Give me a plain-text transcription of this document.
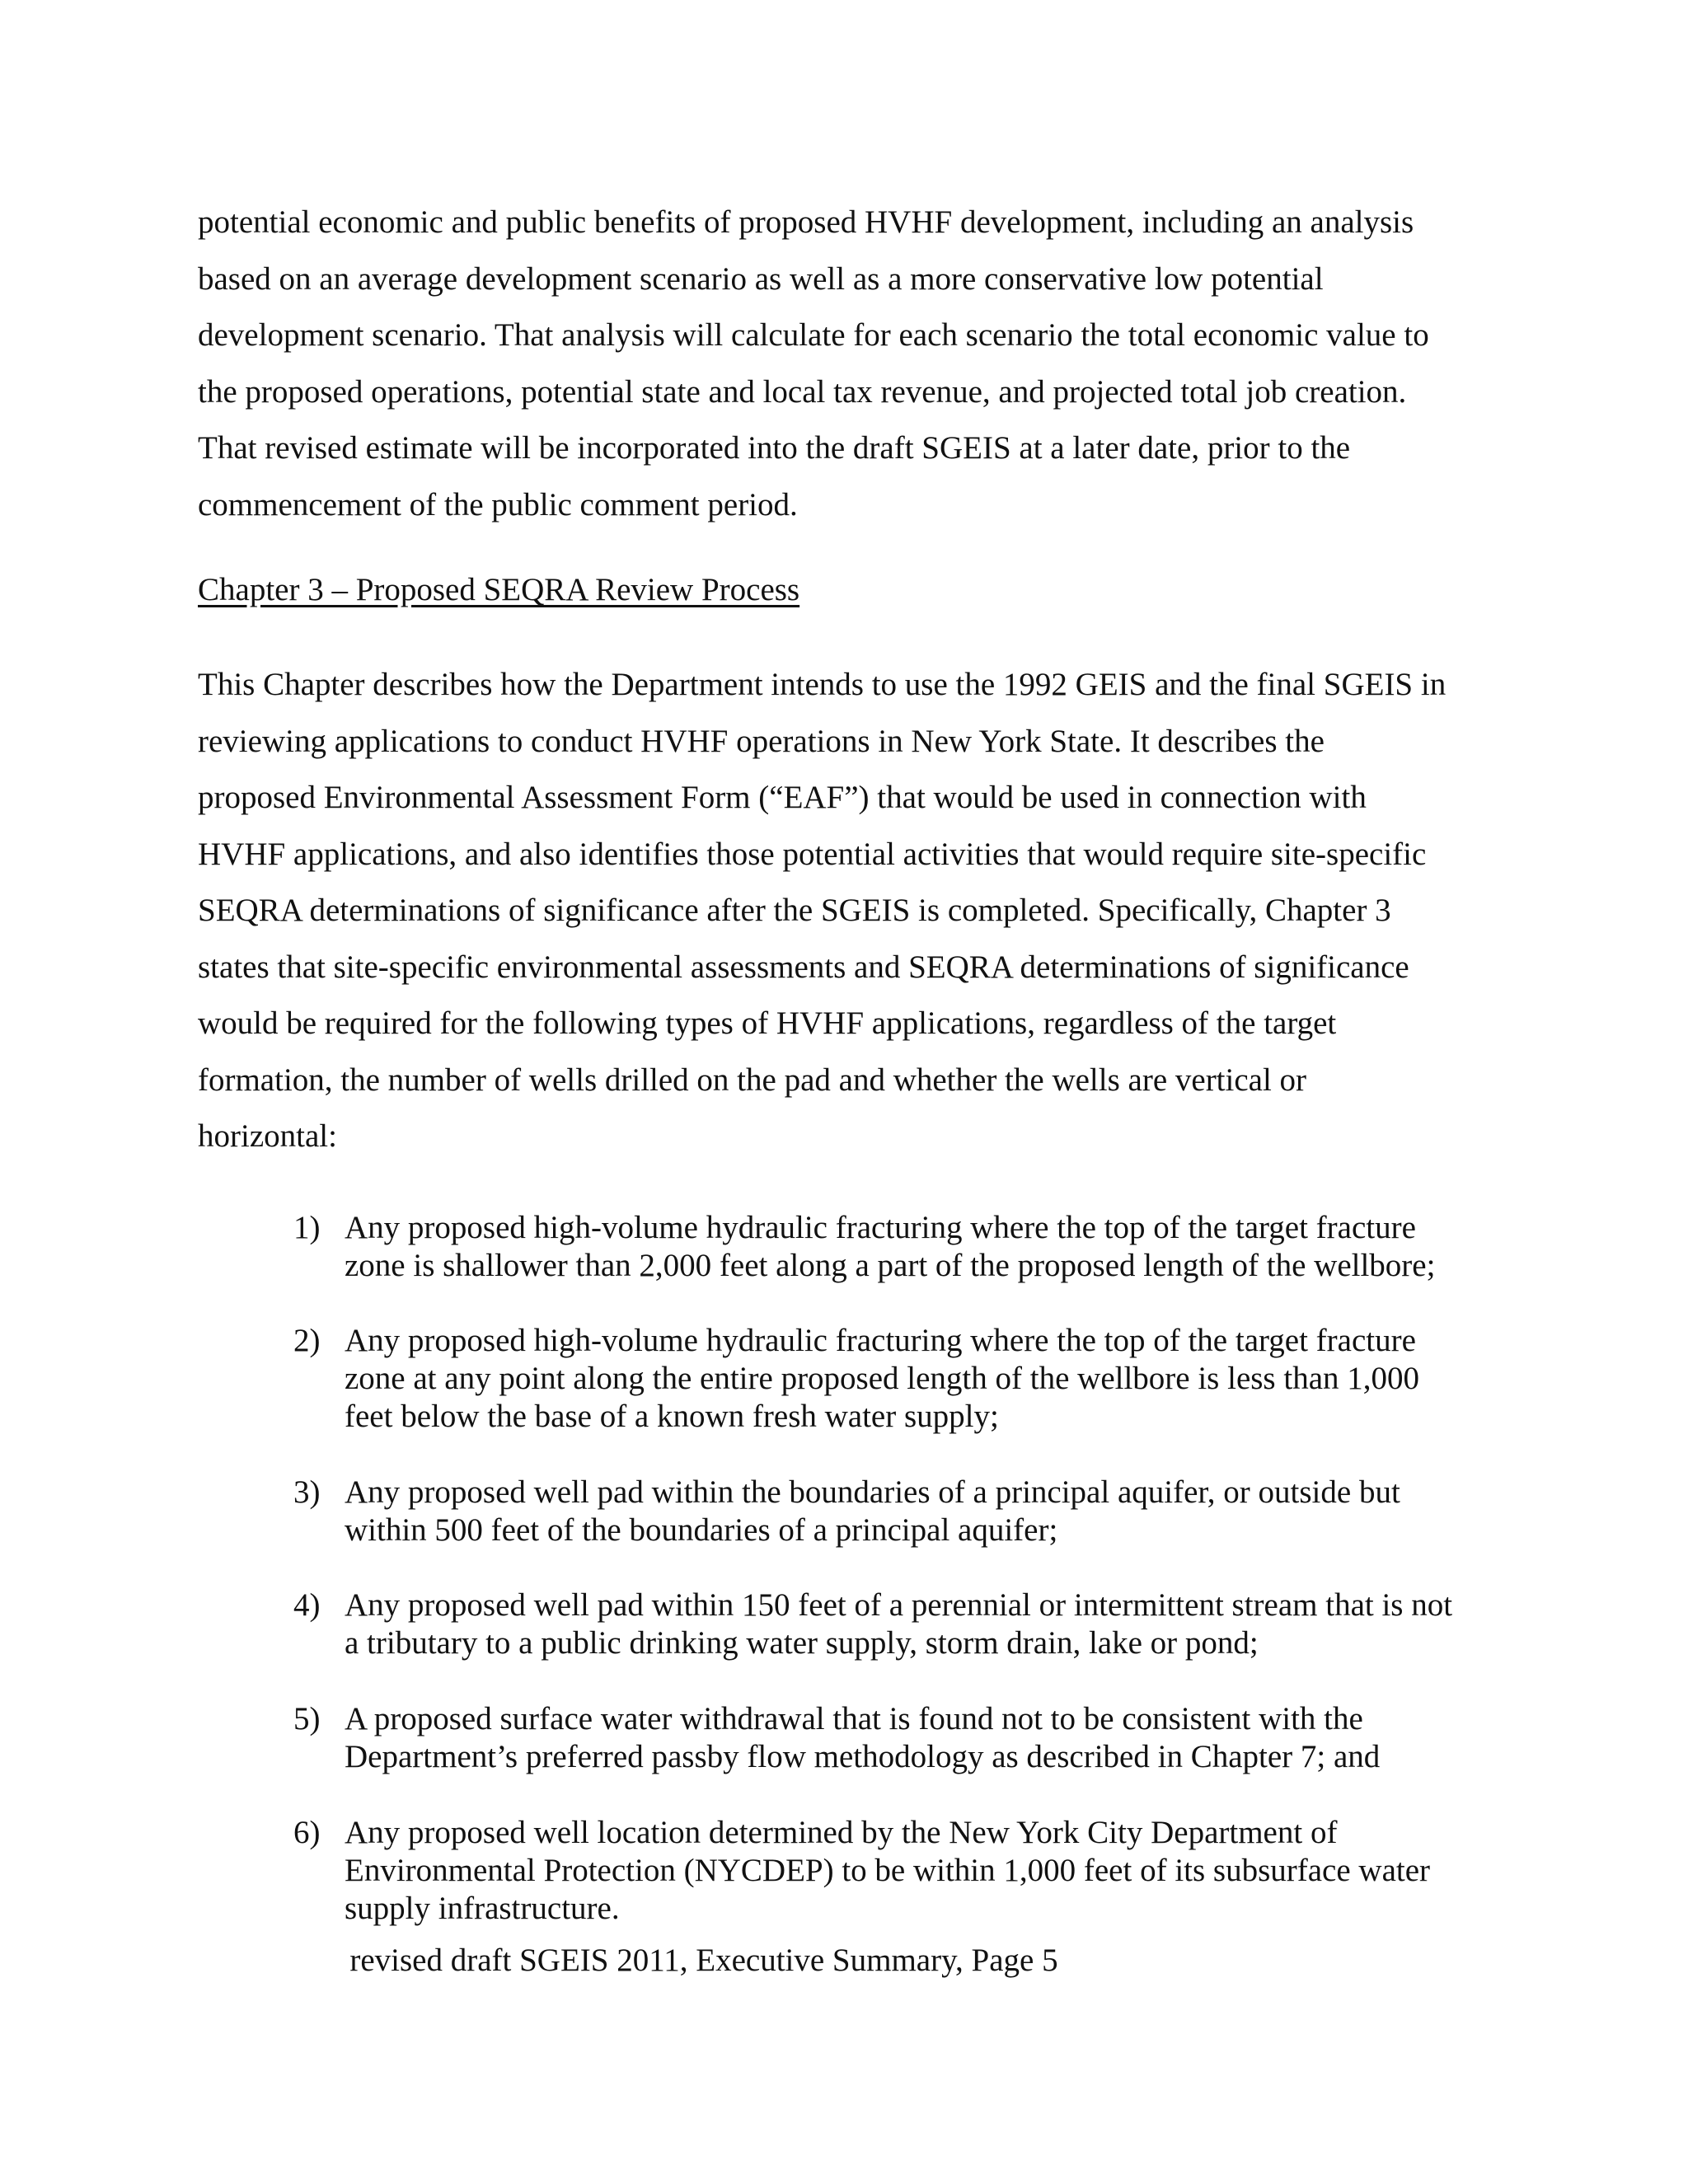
potential economic and public benefits of proposed HVHF development, including an analysis
based on an average development scenario as well as a more conservative low potential
development scenario. That analysis will calculate for each scenario the total economic value to
the proposed operations, potential state and local tax revenue, and projected total job creation.
That revised estimate will be incorporated into the draft SGEIS at a later date, prior to the
commencement of the public comment period.

Chapter 3 – Proposed SEQRA Review Process

This Chapter describes how the Department intends to use the 1992 GEIS and the final SGEIS in
reviewing applications to conduct HVHF operations in New York State. It describes the
proposed Environmental Assessment Form (“EAF”) that would be used in connection with
HVHF applications, and also identifies those potential activities that would require site-specific
SEQRA determinations of significance after the SGEIS is completed. Specifically, Chapter 3
states that site-specific environmental assessments and SEQRA determinations of significance
would be required for the following types of HVHF applications, regardless of the target
formation, the number of wells drilled on the pad and whether the wells are vertical or
horizontal:

1) Any proposed high-volume hydraulic fracturing where the top of the target fracture
zone is shallower than 2,000 feet along a part of the proposed length of the wellbore;
2) Any proposed high-volume hydraulic fracturing where the top of the target fracture
zone at any point along the entire proposed length of the wellbore is less than 1,000
feet below the base of a known fresh water supply;
3) Any proposed well pad within the boundaries of a principal aquifer, or outside but
within 500 feet of the boundaries of a principal aquifer;
4) Any proposed well pad within 150 feet of a perennial or intermittent stream that is not
a tributary to a public drinking water supply, storm drain, lake or pond;
5) A proposed surface water withdrawal that is found not to be consistent with the
Department’s preferred passby flow methodology as described in Chapter 7; and
6) Any proposed well location determined by the New York City Department of
Environmental Protection (NYCDEP) to be within 1,000 feet of its subsurface water
supply infrastructure.

revised draft SGEIS 2011, Executive Summary, Page 5
